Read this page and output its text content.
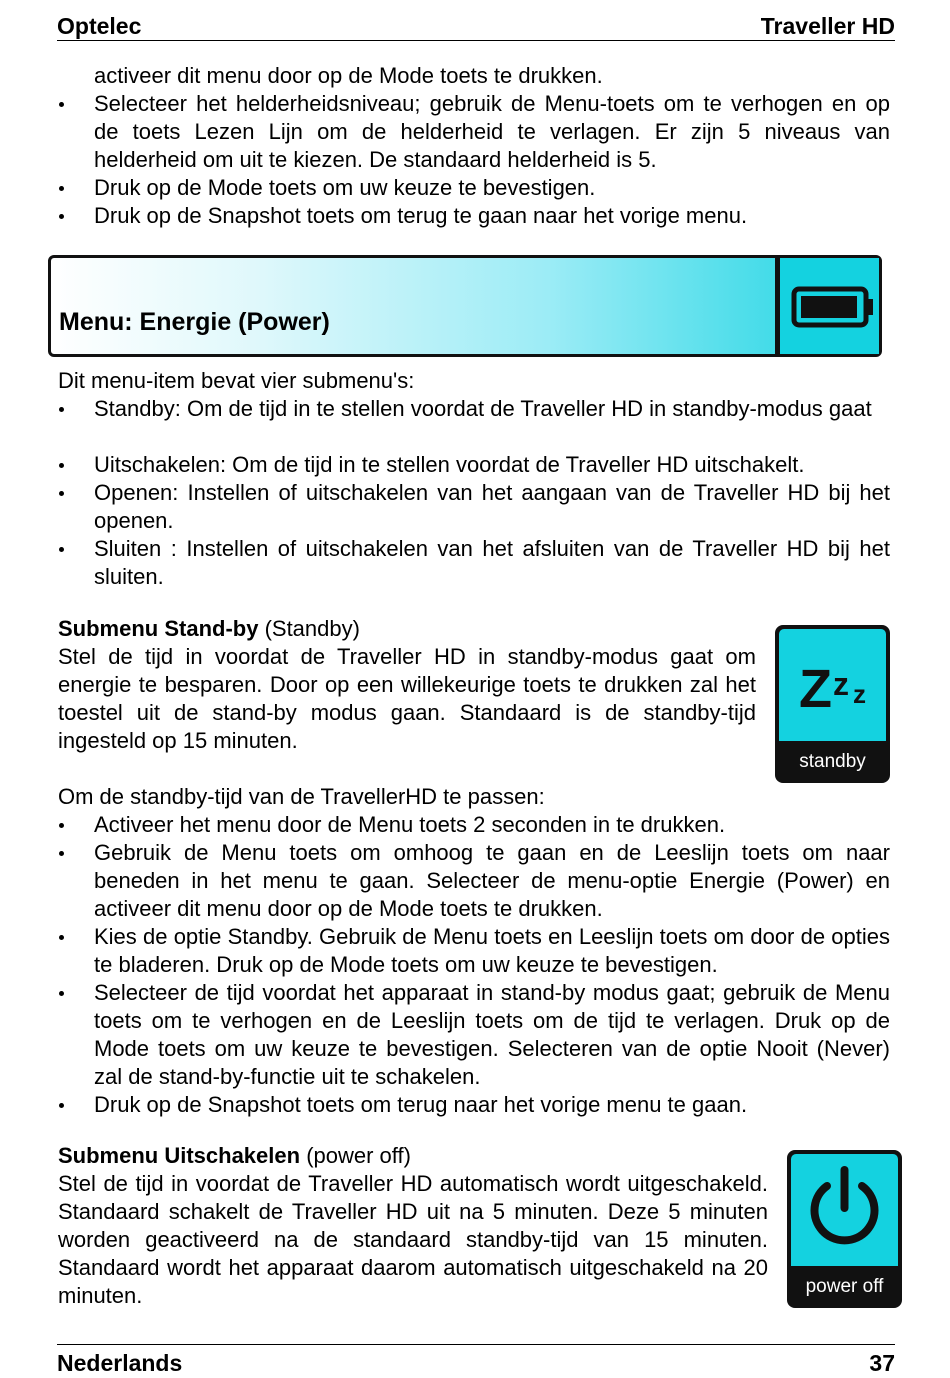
Optelec	Traveller HD
activeer dit menu door op de Mode toets te drukken.
Selecteer het helderheidsniveau; gebruik de Menu-toets om te verhogen en op de toets Lezen Lijn om de helderheid te verlagen. Er zijn 5 niveaus van helderheid om uit te kiezen. De standaard helderheid is 5.
Druk op de Mode toets om uw keuze te bevestigen.
Druk op de Snapshot toets om terug te gaan naar het vorige menu.
Menu: Energie (Power)
Dit menu-item bevat vier submenu's:
Standby: Om de tijd in te stellen voordat de Traveller HD in standby-modus gaat
Uitschakelen: Om de tijd in te stellen voordat de Traveller HD uitschakelt.
Openen: Instellen of uitschakelen van het aangaan van de Traveller HD bij het openen.
Sluiten : Instellen of uitschakelen van het afsluiten van de Traveller HD bij het sluiten.
Submenu Stand-by (Standby)
Stel de tijd in voordat de Traveller HD in standby-modus gaat om energie te besparen. Door op een willekeurige toets te drukken zal het toestel uit de stand-by modus gaan. Standaard is de standby-tijd ingesteld op 15 minuten.
Z z z
standby
Om de standby-tijd van de TravellerHD te passen:
Activeer het menu door de Menu toets 2 seconden in te drukken.
Gebruik de Menu toets om omhoog te gaan en de Leeslijn toets om naar beneden in het menu te gaan. Selecteer de menu-optie Energie (Power) en activeer dit menu door op de Mode toets te drukken.
Kies de optie Standby. Gebruik de Menu toets en Leeslijn toets om door de opties te bladeren. Druk op de Mode toets om uw keuze te bevestigen.
Selecteer de tijd voordat het apparaat in stand-by modus gaat; gebruik de Menu toets om te verhogen en de Leeslijn toets om de tijd te verlagen. Druk op de Mode toets om uw keuze te bevestigen. Selecteren van de optie Nooit (Never) zal de stand-by-functie uit te schakelen.
Druk op de Snapshot toets om terug naar het vorige menu te gaan.
Submenu Uitschakelen (power off)
Stel de tijd in voordat de Traveller HD automatisch wordt uitgeschakeld. Standaard schakelt de Traveller HD uit na 5 minuten. Deze 5 minuten worden geactiveerd na de standaard standby-tijd van 15 minuten. Standaard wordt het apparaat daarom automatisch uitgeschakeld na 20 minuten.	power off
Nederlands	37
